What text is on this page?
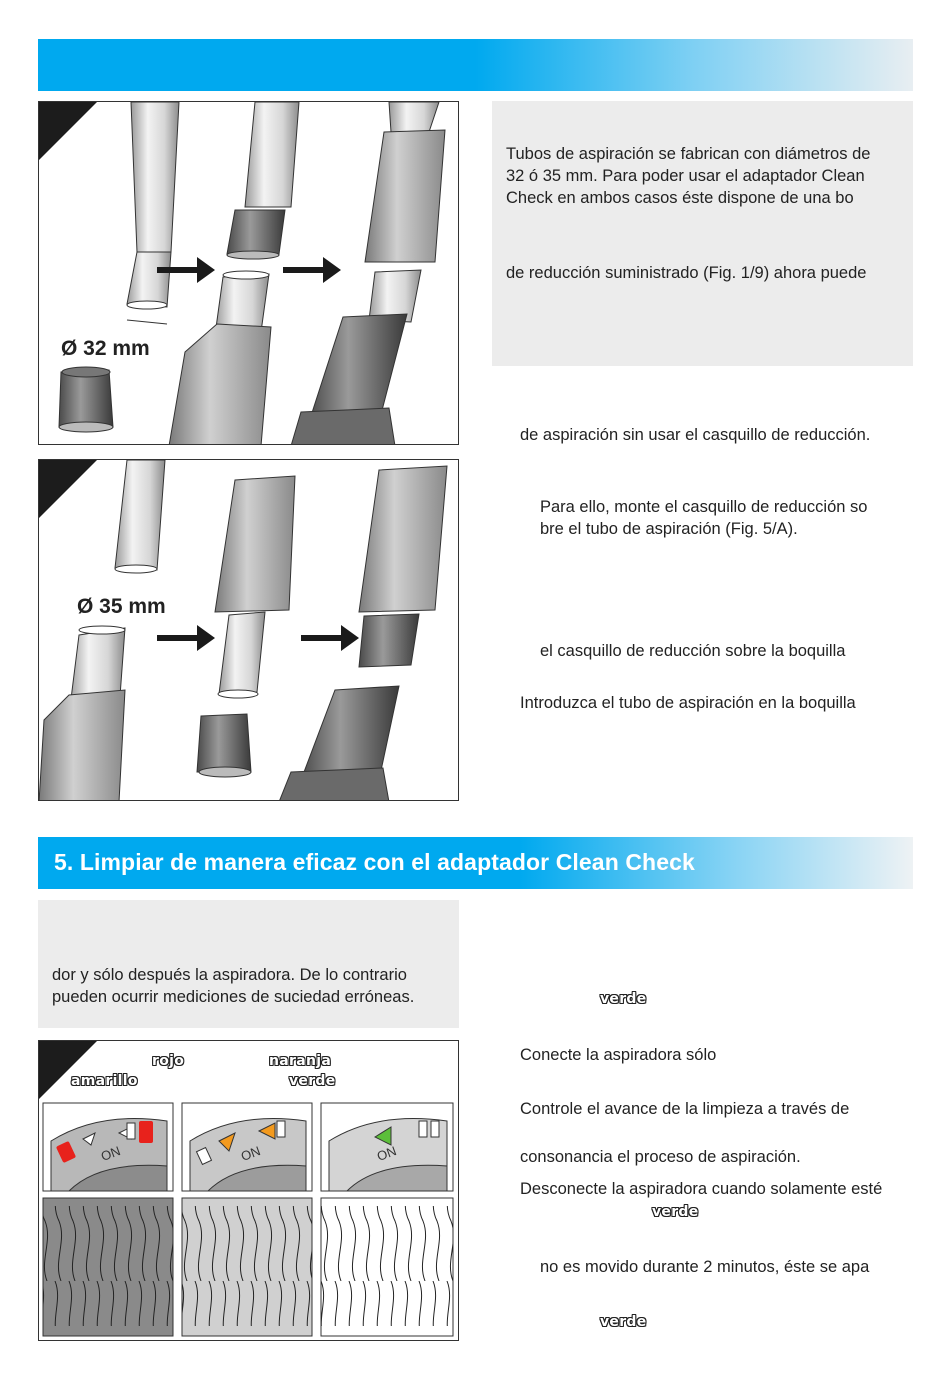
Ø 32 mm
Ø 35 mm
Tubos de aspiración se fabrican con diámetros de
32 ó 35 mm. Para poder usar el adaptador Clean
Check en ambos casos éste dispone de una bo
de reducción suministrado (Fig. 1/9) ahora puede
de aspiración sin usar el casquillo de reducción.
Para ello, monte el casquillo de reducción so
bre el tubo de aspiración (Fig. 5/A).
el casquillo de reducción sobre la boquilla
Introduzca el tubo de aspiración en la boquilla
5. Limpiar de manera eficaz con el adaptador Clean Check
dor y sólo después la aspiradora. De lo contrario
pueden ocurrir mediciones de suciedad erróneas.
rojo	naranja
amarillo	verde
ON	ON	ON
verde
Conecte la aspiradora sólo
Controle el avance de la limpieza a través de
consonancia el proceso de aspiración.
Desconecte la aspiradora cuando solamente esté
verde
no es movido durante 2 minutos, éste se apa
verde
